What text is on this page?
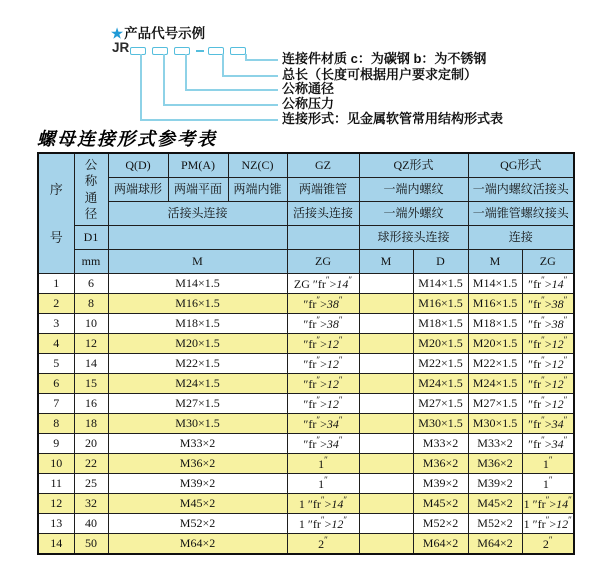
★产品代号示例
JR
连接件材质 c：为碳钢 b：为不锈钢
总长（长度可根据用户要求定制）
公称通径
公称压力
连接形式：见金属软管常用结构形式表
螺母连接形式参考表
序号	公称通径	Q(D)	PM(A)	NZ(C)	GZ	QZ形式		QG形式	
		两端球形	两端平面	两端内锥	两端锥管	一端内螺纹		一端内螺纹活接头	
		活接头连接			活接头连接	一端外螺纹		一端锥管螺纹接头	
	D1					球形接头连接		连接	
	mm	M			ZG	M	D	M	ZG
1	6	M14×1.5			ZG ″fr″>14″		M14×1.5	M14×1.5	″fr″>14″
2	8	M16×1.5			″fr″>38″		M16×1.5	M16×1.5	″fr″>38″
3	10	M18×1.5			″fr″>38″		M18×1.5	M18×1.5	″fr″>38″
4	12	M20×1.5			″fr″>12″		M20×1.5	M20×1.5	″fr″>12″
5	14	M22×1.5			″fr″>12″		M22×1.5	M22×1.5	″fr″>12″
6	15	M24×1.5			″fr″>12″		M24×1.5	M24×1.5	″fr″>12″
7	16	M27×1.5			″fr″>12″		M27×1.5	M27×1.5	″fr″>12″
8	18	M30×1.5			″fr″>34″		M30×1.5	M30×1.5	″fr″>34″
9	20	M33×2			″fr″>34″		M33×2	M33×2	″fr″>34″
10	22	M36×2			1″		M36×2	M36×2	1″
11	25	M39×2			1″		M39×2	M39×2	1″
12	32	M45×2			1 ″fr″>14″		M45×2	M45×2	1 ″fr″>14″
13	40	M52×2			1 ″fr″>12″		M52×2	M52×2	1 ″fr″>12″
14	50	M64×2			2″		M64×2	M64×2	2″
